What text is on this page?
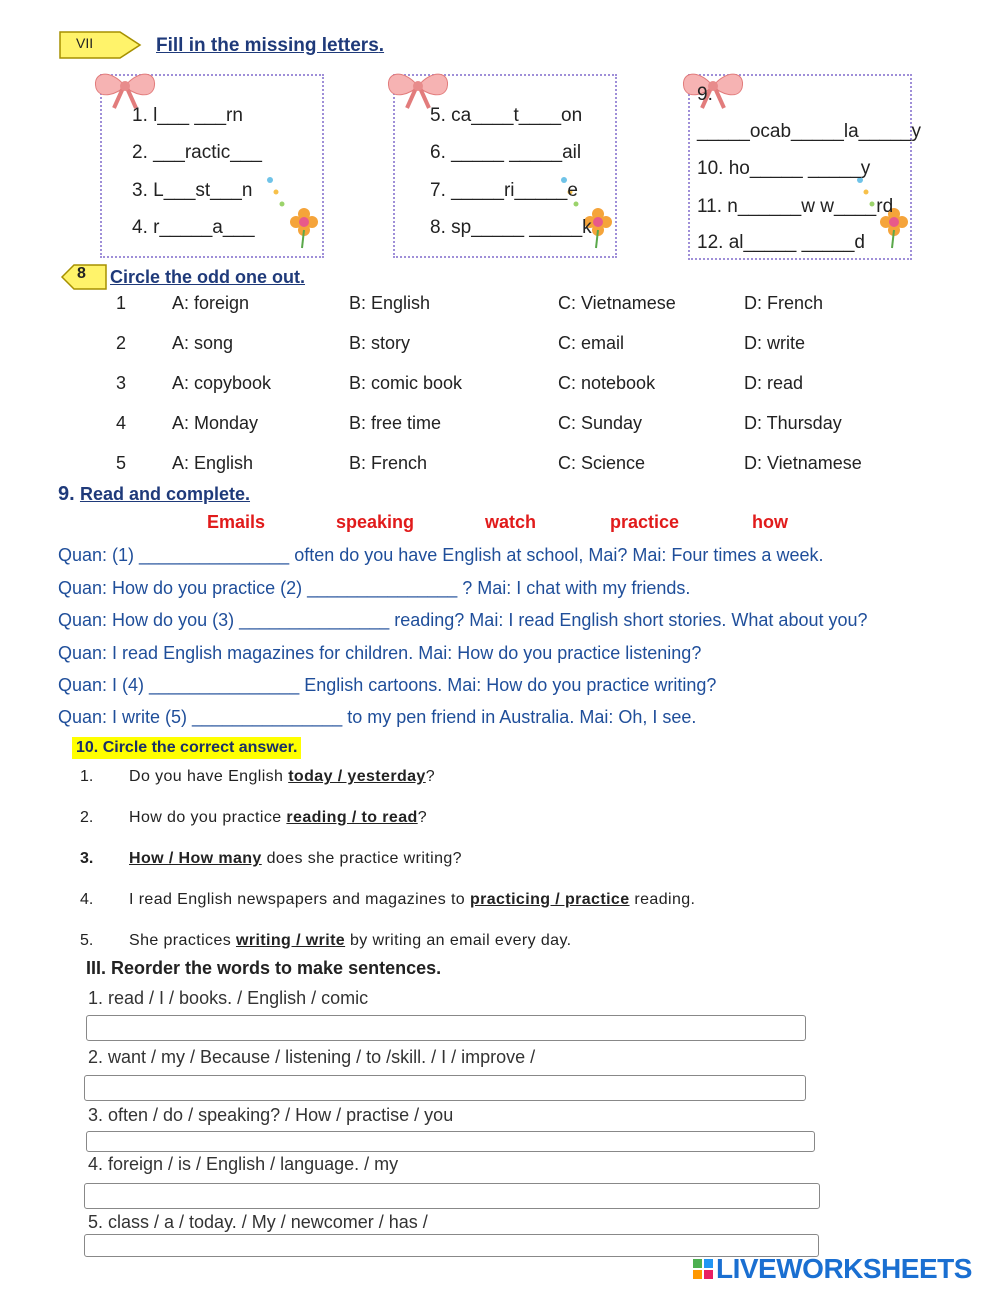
VII	Fill in the missing letters.
1. l___ ___rn
2. ___ractic___
3. L___st___n
4. r_____a___
5. ca____t____on
6. _____ _____ail
7. _____ri_____e
8. sp_____ _____k
9.
_____ocab_____la_____y
10. ho_____ _____y
11. n______w w____rd
12. al_____ _____d
8 Circle the odd one out.
1	A: foreign	B: English	C: Vietnamese	D: French
2	A: song	B: story	C: email	D: write
3	A: copybook	B: comic book	C: notebook	D: read
4	A: Monday	B: free time	C: Sunday	D: Thursday
5	A: English	B: French	C: Science	D: Vietnamese
9. Read and complete.
Emails	speaking	watch	practice	how
Quan: (1) _______________ often do you have English at school, Mai? Mai: Four times a week.
Quan: How do you practice (2) _______________ ? Mai: I chat with my friends.
Quan: How do you (3) _______________ reading? Mai: I read English short stories. What about you?
Quan: I read English magazines for children. Mai: How do you practice listening?
Quan: I (4) _______________ English cartoons. Mai: How do you practice writing?
Quan: I write (5) _______________ to my pen friend in Australia. Mai: Oh, I see.
10. Circle the correct answer.
1. Do you have English today / yesterday?
2. How do you practice reading / to read?
3. How / How many does she practice writing?
4. I read English newspapers and magazines to practicing / practice reading.
5. She practices writing / write by writing an email every day.
III. Reorder the words to make sentences.
1. read / I / books. / English / comic
2. want / my / Because / listening / to /skill. / I / improve /
3. often / do / speaking? / How / practise / you
4. foreign / is / English / language. / my
5. class / a / today. / My / newcomer / has /
LIVEWORKSHEETS
